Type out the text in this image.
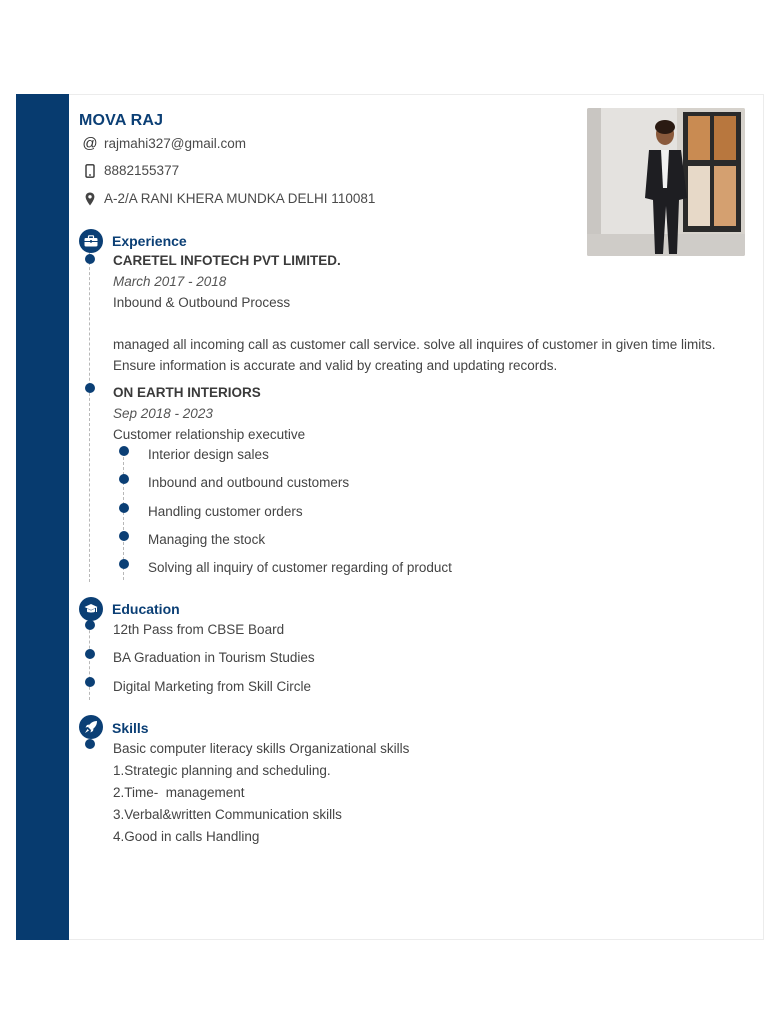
MOVA RAJ
@ rajmahi327@gmail.com
8882155377
A-2/A RANI KHERA MUNDKA DELHI 110081
Experience
CARETEL INFOTECH PVT LIMITED.
March 2017 - 2018
Inbound & Outbound Process
managed all incoming call as customer call service. solve all inquires of customer in given time limits. Ensure information is accurate and valid by creating and updating records.
ON EARTH INTERIORS
Sep 2018 - 2023
Customer relationship executive
Interior design sales
Inbound and outbound customers
Handling customer orders
Managing the stock
Solving all inquiry of customer regarding of product
Education
12th Pass from CBSE Board
BA Graduation in Tourism Studies
Digital Marketing from Skill Circle
Skills
Basic computer literacy skills Organizational skills
1.Strategic planning and scheduling.
2.Time-  management
3.Verbal&written Communication skills
4.Good in calls Handling
